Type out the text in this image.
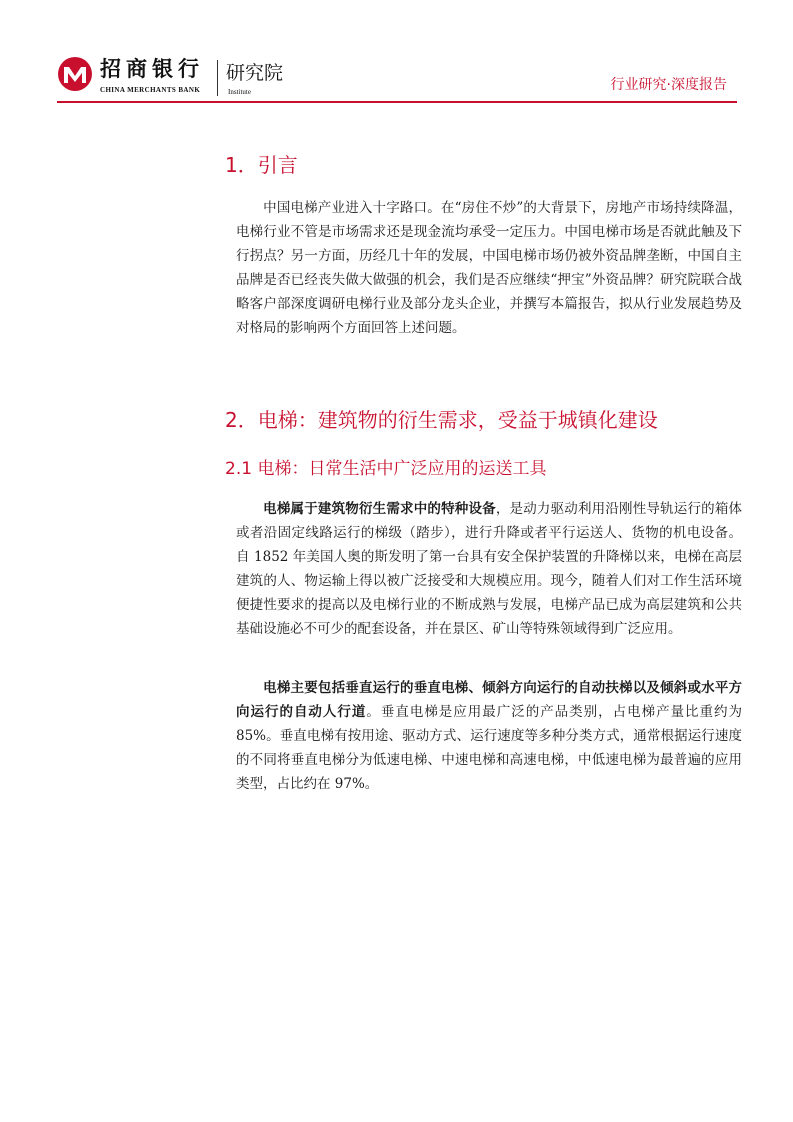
招商银行
CHINA MERCHANTS BANK
研究院
Institute	行业研究·深度报告
1．引言

中国电梯产业进入十字路口。在“房住不炒”的大背景下，房地产市场持续降温，电梯行业不管是市场需求还是现金流均承受一定压力。中国电梯市场是否就此触及下行拐点？另一方面，历经几十年的发展，中国电梯市场仍被外资品牌垄断，中国自主品牌是否已经丧失做大做强的机会，我们是否应继续“押宝”外资品牌？研究院联合战略客户部深度调研电梯行业及部分龙头企业，并撰写本篇报告，拟从行业发展趋势及对格局的影响两个方面回答上述问题。

2．电梯：建筑物的衍生需求，受益于城镇化建设
2.1 电梯：日常生活中广泛应用的运送工具

电梯属于建筑物衍生需求中的特种设备，是动力驱动利用沿刚性导轨运行的箱体或者沿固定线路运行的梯级（踏步），进行升降或者平行运送人、货物的机电设备。自 1852 年美国人奥的斯发明了第一台具有安全保护装置的升降梯以来，电梯在高层建筑的人、物运输上得以被广泛接受和大规模应用。现今，随着人们对工作生活环境便捷性要求的提高以及电梯行业的不断成熟与发展，电梯产品已成为高层建筑和公共基础设施必不可少的配套设备，并在景区、矿山等特殊领域得到广泛应用。

电梯主要包括垂直运行的垂直电梯、倾斜方向运行的自动扶梯以及倾斜或水平方向运行的自动人行道。垂直电梯是应用最广泛的产品类别，占电梯产量比重约为85%。垂直电梯有按用途、驱动方式、运行速度等多种分类方式，通常根据运行速度的不同将垂直电梯分为低速电梯、中速电梯和高速电梯，中低速电梯为最普遍的应用类型，占比约在 97%。
